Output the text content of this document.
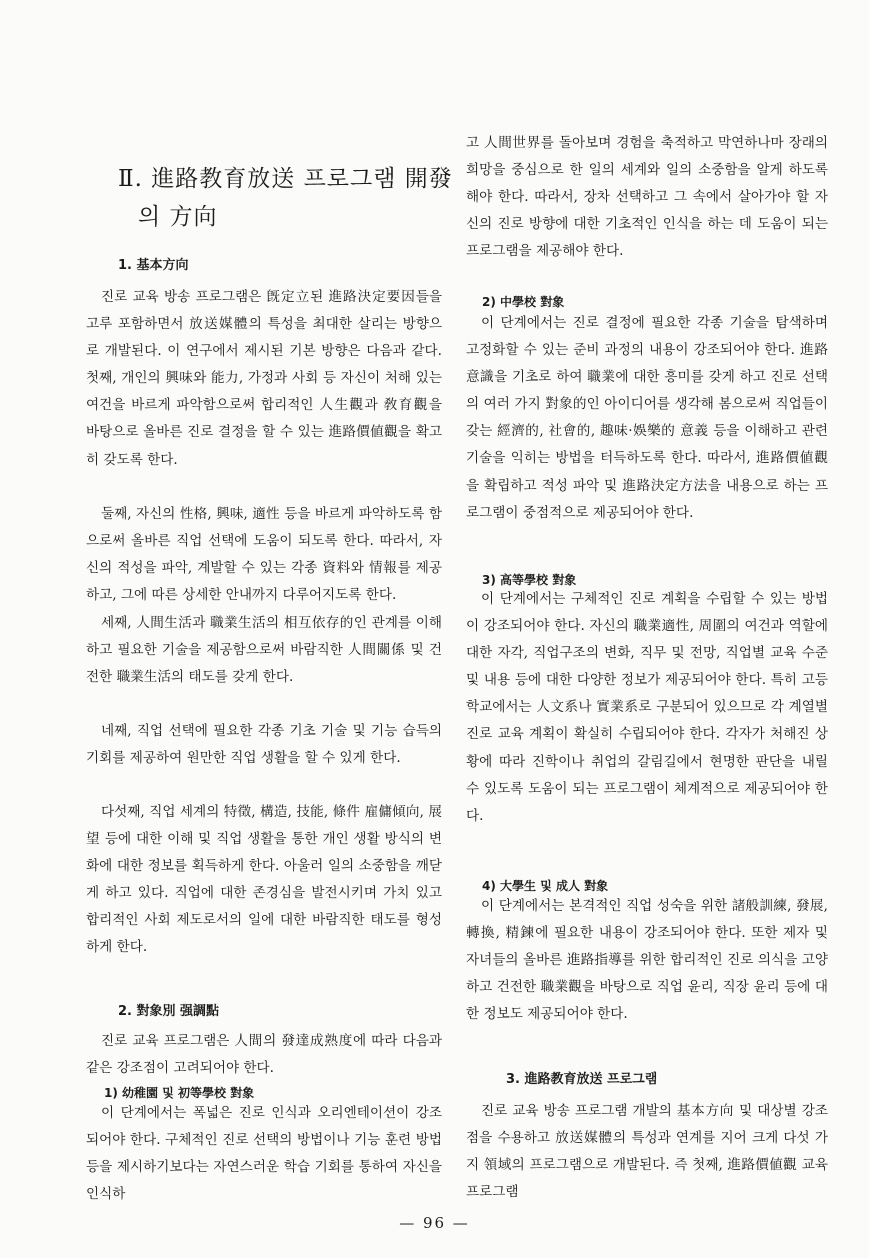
Ⅱ. 進路教育放送 프로그램 開發
의 方向
1. 基本方向

진로 교육 방송 프로그램은 旣定立된 進路決定要因들을 고루 포함하면서 放送媒體의 특성을 최대한 살리는 방향으로 개발된다. 이 연구에서 제시된 기본 방향은 다음과 같다. 첫째, 개인의 興味와 能力, 가정과 사회 등 자신이 처해 있는 여건을 바르게 파악함으로써 합리적인 人生觀과 敎育觀을 바탕으로 올바른 진로 결정을 할 수 있는 進路價値觀을 확고히 갖도록 한다.

둘째, 자신의 性格, 興味, 適性 등을 바르게 파악하도록 함으로써 올바른 직업 선택에 도움이 되도록 한다. 따라서, 자신의 적성을 파악, 계발할 수 있는 각종 資料와 情報를 제공하고, 그에 따른 상세한 안내까지 다루어지도록 한다.

세째, 人間生活과 職業生活의 相互依存的인 관계를 이해하고 필요한 기술을 제공함으로써 바람직한 人間關係 및 건전한 職業生活의 태도를 갖게 한다.

네째, 직업 선택에 필요한 각종 기초 기술 및 기능 습득의 기회를 제공하여 원만한 직업 생활을 할 수 있게 한다.

다섯째, 직업 세계의 特徵, 構造, 技能, 條件 雇傭傾向, 展望 등에 대한 이해 및 직업 생활을 통한 개인 생활 방식의 변화에 대한 정보를 획득하게 한다. 아울러 일의 소중함을 깨닫게 하고 있다. 직업에 대한 존경심을 발전시키며 가치 있고 합리적인 사회 제도로서의 일에 대한 바람직한 태도를 형성하게 한다.

2. 對象別 强調點

진로 교육 프로그램은 人間의 發達成熟度에 따라 다음과 같은 강조점이 고려되어야 한다.

1) 幼稚園 및 初等學校 對象

이 단계에서는 폭넓은 진로 인식과 오리엔테이션이 강조되어야 한다. 구체적인 진로 선택의 방법이나 기능 훈련 방법 등을 제시하기보다는 자연스러운 학습 기회를 통하여 자신을 인식하

고 人間世界를 돌아보며 경험을 축적하고 막연하나마 장래의 희망을 중심으로 한 일의 세계와 일의 소중함을 알게 하도록 해야 한다. 따라서, 장차 선택하고 그 속에서 살아가야 할 자신의 진로 방향에 대한 기초적인 인식을 하는 데 도움이 되는 프로그램을 제공해야 한다.

2) 中學校 對象

이 단계에서는 진로 결정에 필요한 각종 기술을 탐색하며 고정화할 수 있는 준비 과정의 내용이 강조되어야 한다. 進路意識을 기초로 하여 職業에 대한 흥미를 갖게 하고 진로 선택의 여러 가지 對象的인 아이디어를 생각해 봄으로써 직업들이 갖는 經濟的, 社會的, 趣味·娛樂的 意義 등을 이해하고 관련 기술을 익히는 방법을 터득하도록 한다. 따라서, 進路價値觀을 확립하고 적성 파악 및 進路決定方法을 내용으로 하는 프로그램이 중점적으로 제공되어야 한다.

3) 高等學校 對象

이 단계에서는 구체적인 진로 계획을 수립할 수 있는 방법이 강조되어야 한다. 자신의 職業適性, 周圍의 여건과 역할에 대한 자각, 직업구조의 변화, 직무 및 전망, 직업별 교육 수준 및 내용 등에 대한 다양한 정보가 제공되어야 한다. 특히 고등 학교에서는 人文系나 實業系로 구분되어 있으므로 각 계열별 진로 교육 계획이 확실히 수립되어야 한다. 각자가 처해진 상황에 따라 진학이나 취업의 갈림길에서 현명한 판단을 내릴 수 있도록 도움이 되는 프로그램이 체계적으로 제공되어야 한다.

4) 大學生 및 成人 對象

이 단계에서는 본격적인 직업 성숙을 위한 諸般訓練, 發展, 轉換, 精鍊에 필요한 내용이 강조되어야 한다. 또한 제자 및 자녀들의 올바른 進路指導를 위한 합리적인 진로 의식을 고양하고 건전한 職業觀을 바탕으로 직업 윤리, 직장 윤리 등에 대한 정보도 제공되어야 한다.

3. 進路教育放送 프로그램

진로 교육 방송 프로그램 개발의 基本方向 및 대상별 강조점을 수용하고 放送媒體의 특성과 연계를 지어 크게 다섯 가지 領域의 프로그램으로 개발된다. 즉 첫째, 進路價値觀 교육 프로그램

— 96 —
